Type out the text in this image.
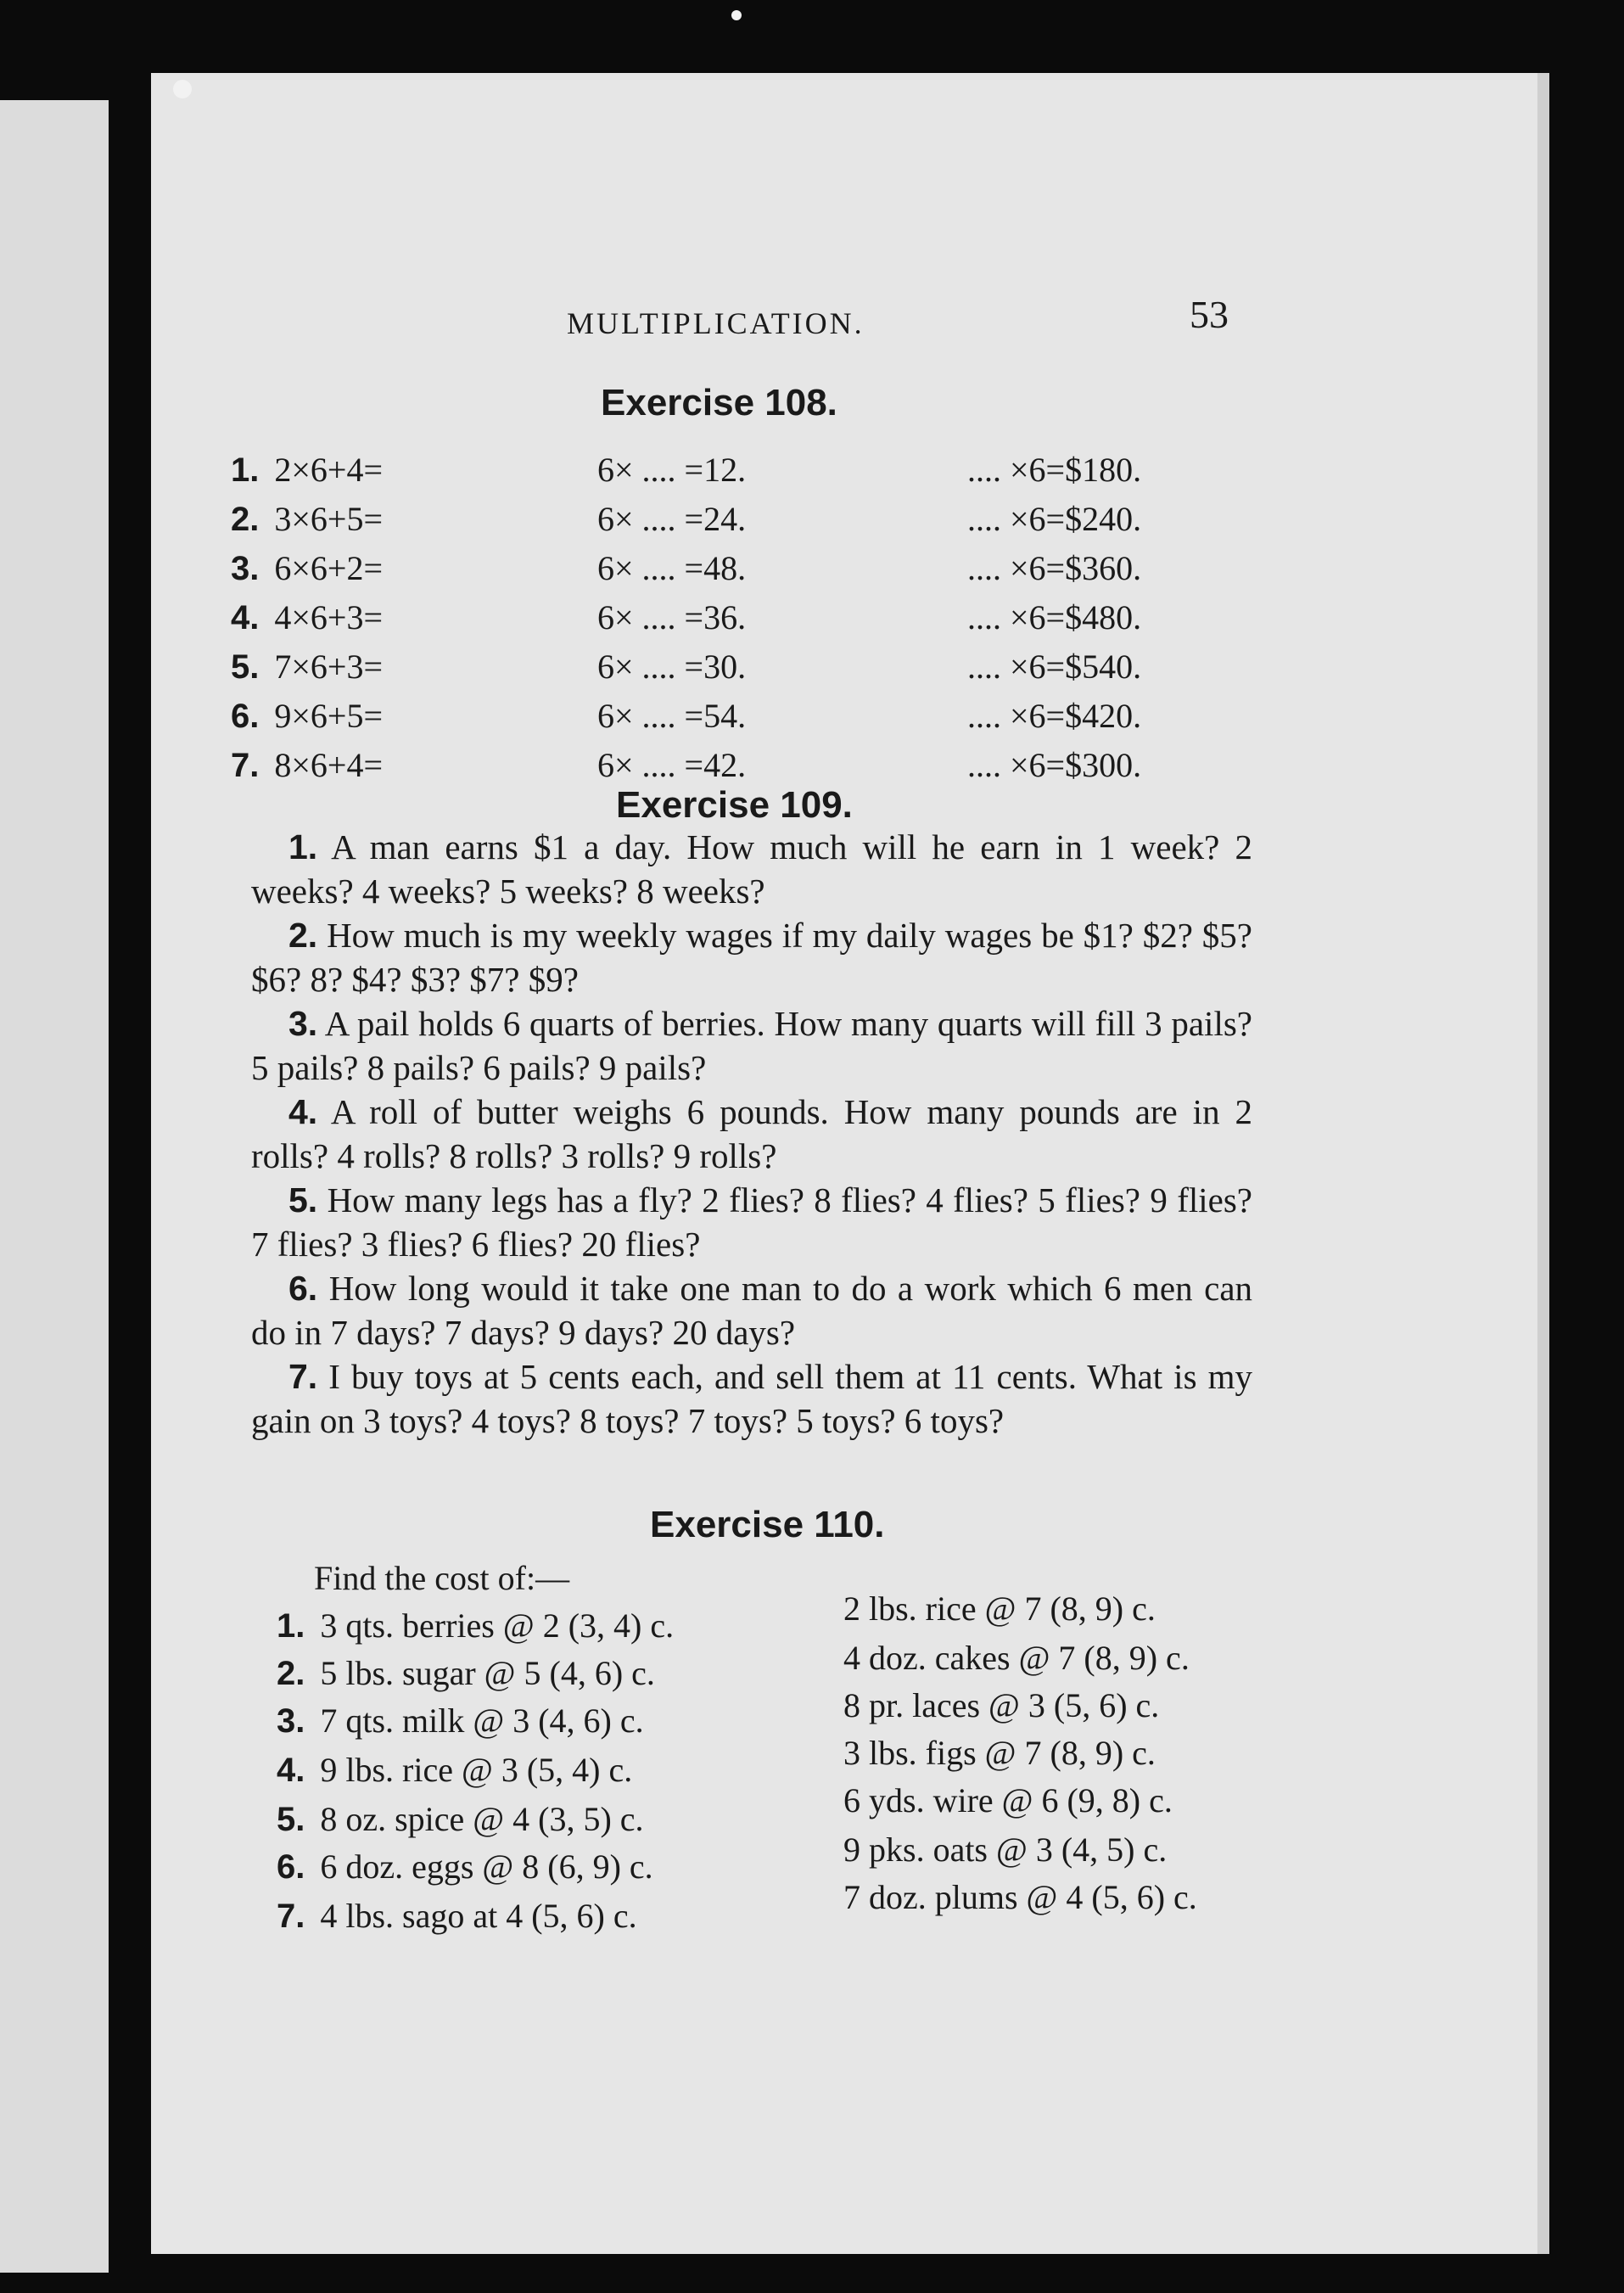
MULTIPLICATION.	53
Exercise 108.
1. 2×6+4=	6× .... =12.	.... ×6=$180.
2. 3×6+5=	6× .... =24.	.... ×6=$240.
3. 6×6+2=	6× .... =48.	.... ×6=$360.
4. 4×6+3=	6× .... =36.	.... ×6=$480.
5. 7×6+3=	6× .... =30.	.... ×6=$540.
6. 9×6+5=	6× .... =54.	.... ×6=$420.
7. 8×6+4=	6× .... =42.	.... ×6=$300.
Exercise 109.

1. A man earns $1 a day. How much will he earn in 1 week? 2 weeks? 4 weeks? 5 weeks? 8 weeks?

2. How much is my weekly wages if my daily wages be $1? $2? $5? $6? 8? $4? $3? $7? $9?

3. A pail holds 6 quarts of berries. How many quarts will fill 3 pails? 5 pails? 8 pails? 6 pails? 9 pails?

4. A roll of butter weighs 6 pounds. How many pounds are in 2 rolls? 4 rolls? 8 rolls? 3 rolls? 9 rolls?

5. How many legs has a fly? 2 flies? 8 flies? 4 flies? 5 flies? 9 flies? 7 flies? 3 flies? 6 flies? 20 flies?

6. How long would it take one man to do a work which 6 men can do in 7 days? 7 days? 9 days? 20 days?

7. I buy toys at 5 cents each, and sell them at 11 cents. What is my gain on 3 toys? 4 toys? 8 toys? 7 toys? 5 toys? 6 toys?

Exercise 110.
Find the cost of:—
1. 3 qts. berries @ 2 (3, 4) c.	2 lbs. rice @ 7 (8, 9) c.
2. 5 lbs. sugar @ 5 (4, 6) c.	4 doz. cakes @ 7 (8, 9) c.
3. 7 qts. milk @ 3 (4, 6) c.	8 pr. laces @ 3 (5, 6) c.
4. 9 lbs. rice @ 3 (5, 4) c.	3 lbs. figs @ 7 (8, 9) c.
5. 8 oz. spice @ 4 (3, 5) c.	6 yds. wire @ 6 (9, 8) c.
6. 6 doz. eggs @ 8 (6, 9) c.	9 pks. oats @ 3 (4, 5) c.
7. 4 lbs. sago at 4 (5, 6) c.	7 doz. plums @ 4 (5, 6) c.
